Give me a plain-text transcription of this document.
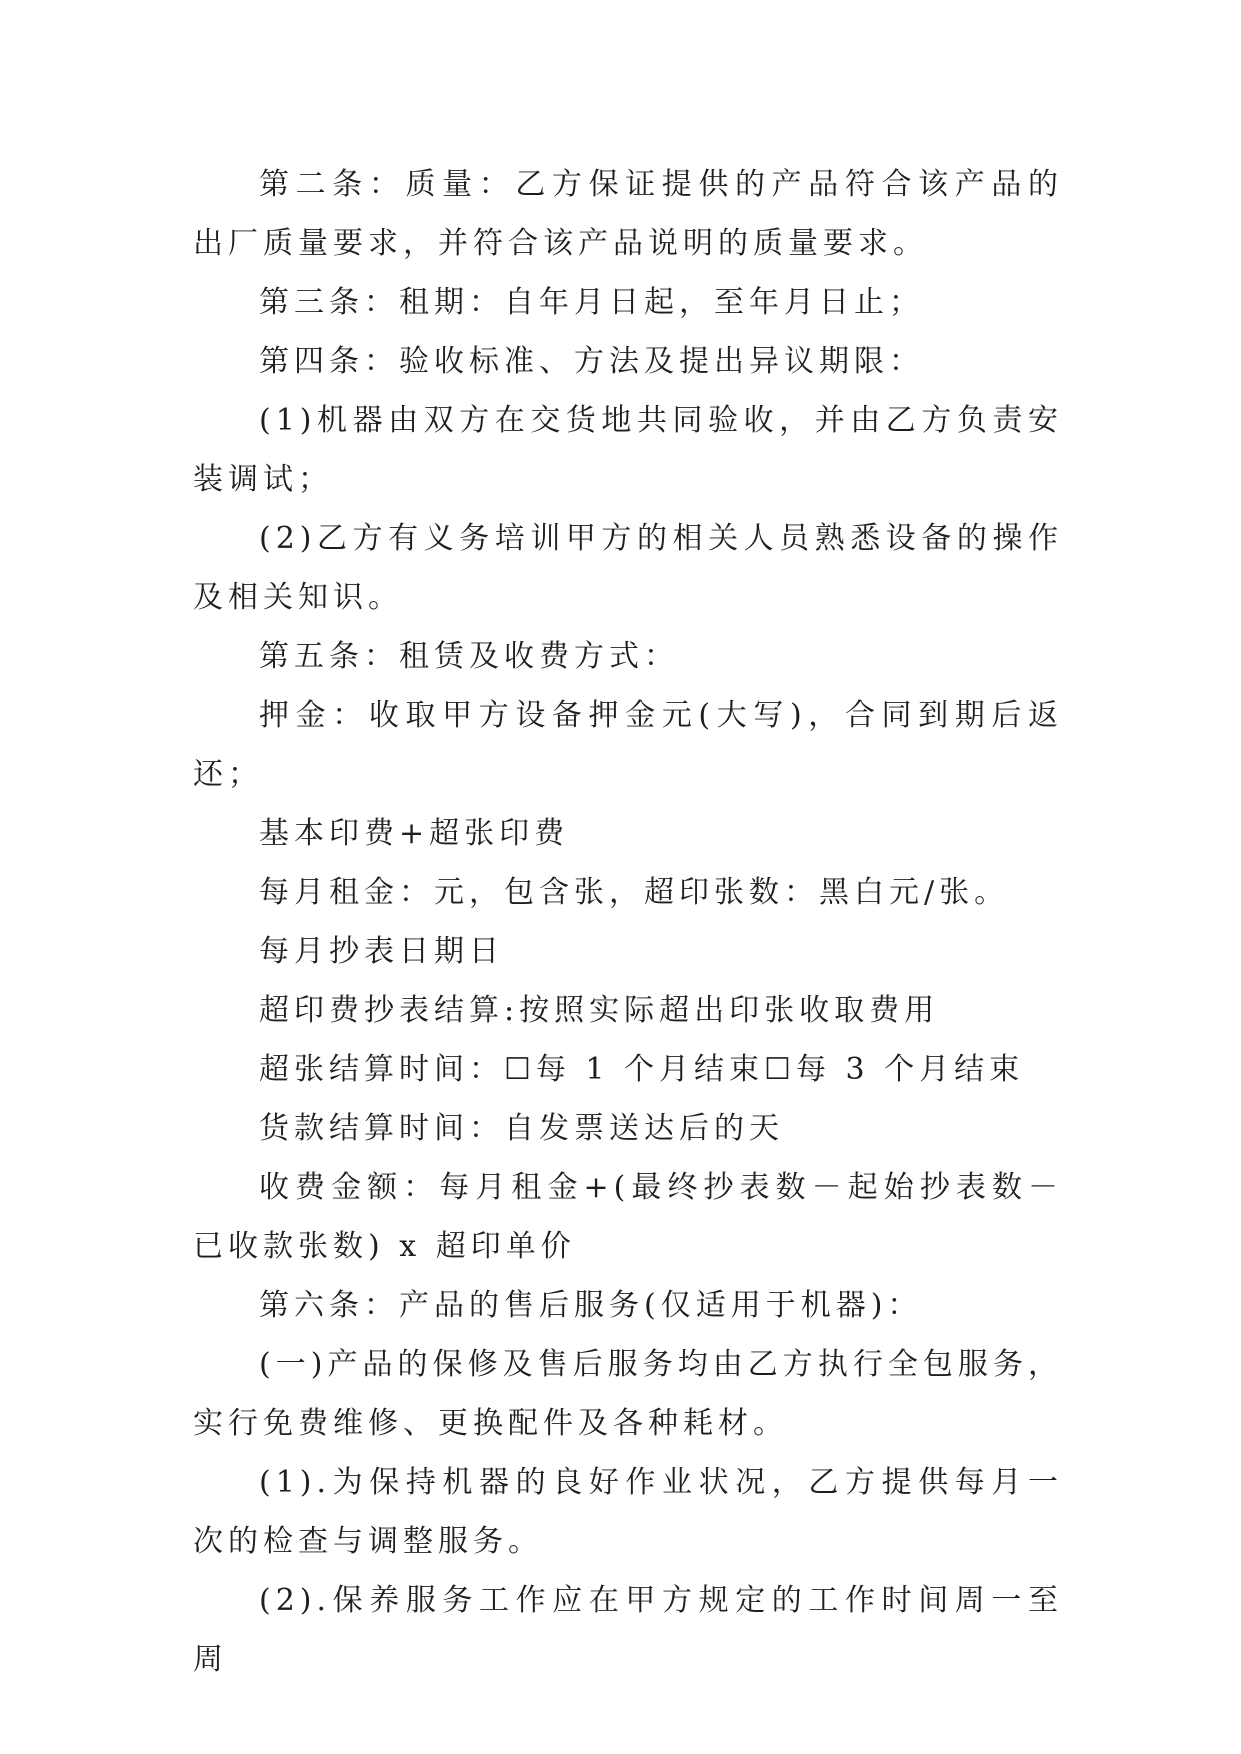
第二条：质量：乙方保证提供的产品符合该产品的出厂质量要求，并符合该产品说明的质量要求。

第三条：租期：自年月日起，至年月日止；

第四条：验收标准、方法及提出异议期限：

(1)机器由双方在交货地共同验收，并由乙方负责安装调试；

(2)乙方有义务培训甲方的相关人员熟悉设备的操作及相关知识。

第五条：租赁及收费方式：

押金：收取甲方设备押金元(大写)，合同到期后返还；

基本印费+超张印费

每月租金：元，包含张，超印张数：黑白元/张。

每月抄表日期日

超印费抄表结算:按照实际超出印张收取费用

超张结算时间：☐每 1 个月结束☐每 3 个月结束

货款结算时间：自发票送达后的天

收费金额：每月租金+(最终抄表数－起始抄表数－已收款张数) x 超印单价

第六条：产品的售后服务(仅适用于机器)：

(一)产品的保修及售后服务均由乙方执行全包服务，实行免费维修、更换配件及各种耗材。

(1).为保持机器的良好作业状况，乙方提供每月一次的检查与调整服务。

(2).保养服务工作应在甲方规定的工作时间周一至周
